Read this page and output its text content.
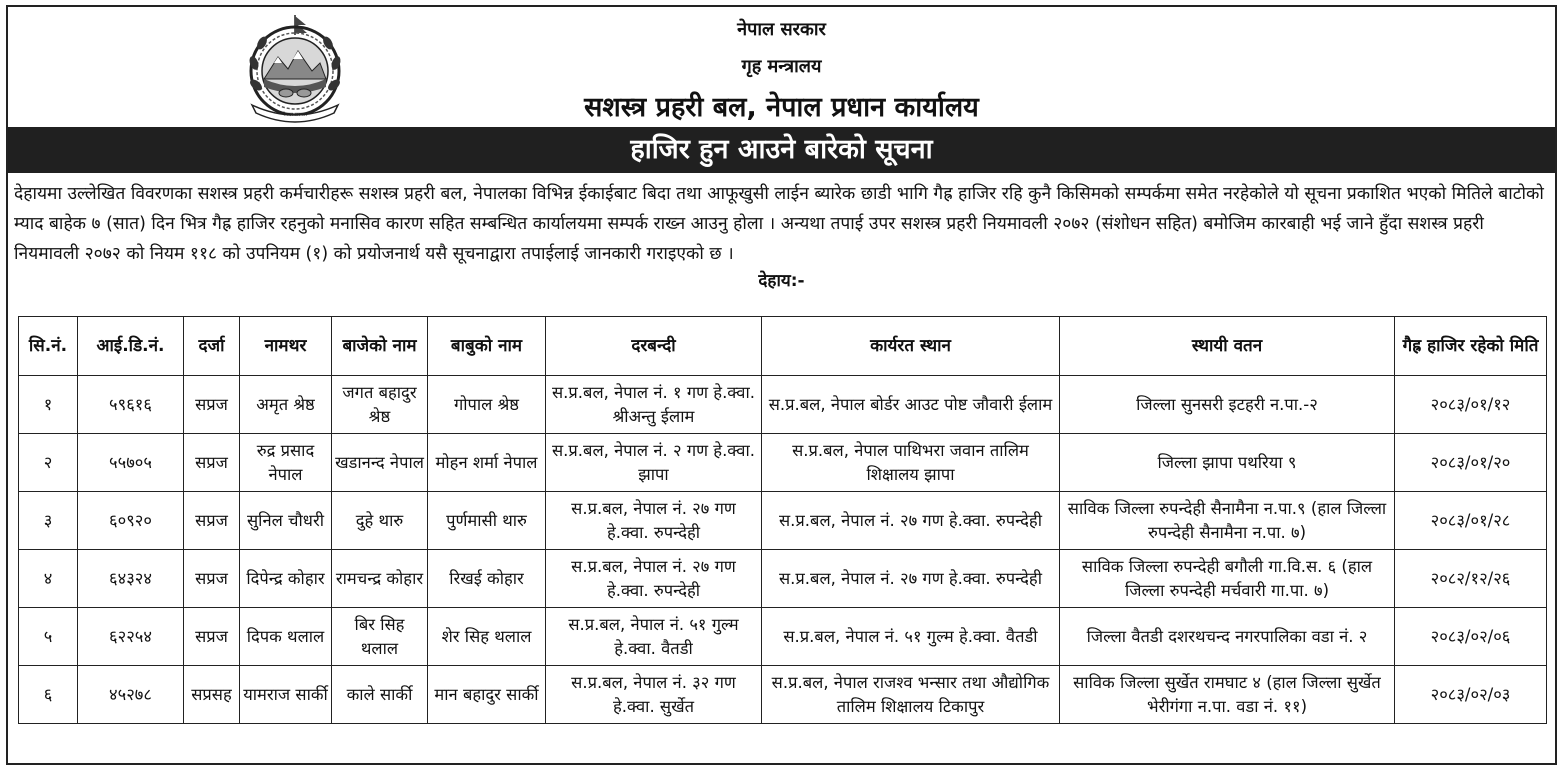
नेपाल सरकार
नेपाल सरकार
गृह मन्त्रालय
सशस्त्र प्रहरी बल, नेपाल प्रधान कार्यालय
हाजिर हुन आउने बारेको सूचना
देहायमा उल्लेखित विवरणका सशस्त्र प्रहरी कर्मचारीहरू सशस्त्र प्रहरी बल, नेपालका विभिन्न ईकाईबाट बिदा तथा आफूखुसी लाईन ब्यारेक छाडी भागि गैह्र हाजिर रहि कुनै किसिमको सम्पर्कमा समेत नरहेकोले यो सूचना प्रकाशित भएको मितिले बाटोको म्याद बाहेक ७ (सात) दिन भित्र गैह्र हाजिर रहनुको मनासिव कारण सहित सम्बन्धित कार्यालयमा सम्पर्क राख्न आउनु होला । अन्यथा तपाई उपर सशस्त्र प्रहरी नियमावली २०७२ (संशोधन सहित) बमोजिम कारबाही भई जाने हुँदा सशस्त्र प्रहरी नियमावली २०७२ को नियम ११८ को उपनियम (१) को प्रयोजनार्थ यसै सूचनाद्वारा तपाईलाई जानकारी गराइएको छ ।
देहाय:-
सि.नं.	आई.डि.नं.	दर्जा	नामथर	बाजेको नाम	बाबुको नाम	दरबन्दी	कार्यरत स्थान	स्थायी वतन	गैह्र हाजिर रहेको मिति
१	५९६१६	सप्रज	अमृत श्रेष्ठ	जगत बहादुर श्रेष्ठ	गोपाल श्रेष्ठ	स.प्र.बल, नेपाल नं. १ गण हे.क्वा. श्रीअन्तु ईलाम	स.प्र.बल, नेपाल बोर्डर आउट पोष्ट जौवारी ईलाम	जिल्ला सुनसरी इटहरी न.पा.-२	२०८३/०१/१२
२	५५७०५	सप्रज	रुद्र प्रसाद नेपाल	खडानन्द नेपाल	मोहन शर्मा नेपाल	स.प्र.बल, नेपाल नं. २ गण हे.क्वा. झापा	स.प्र.बल, नेपाल पाथिभरा जवान तालिम शिक्षालय झापा	जिल्ला झापा पथरिया ९	२०८३/०१/२०
३	६०९२०	सप्रज	सुनिल चौधरी	दुहे थारु	पुर्णमासी थारु	स.प्र.बल, नेपाल नं. २७ गण हे.क्वा. रुपन्देही	स.प्र.बल, नेपाल नं. २७ गण हे.क्वा. रुपन्देही	साविक जिल्ला रुपन्देही सैनामैना न.पा.९ (हाल जिल्ला रुपन्देही सैनामैना न.पा. ७)	२०८३/०१/२८
४	६४३२४	सप्रज	दिपेन्द्र कोहार	रामचन्द्र कोहार	रिखई कोहार	स.प्र.बल, नेपाल नं. २७ गण हे.क्वा. रुपन्देही	स.प्र.बल, नेपाल नं. २७ गण हे.क्वा. रुपन्देही	साविक जिल्ला रुपन्देही बगौली गा.वि.स. ६ (हाल जिल्ला रुपन्देही मर्चवारी गा.पा. ७)	२०८२/१२/२६
५	६२२५४	सप्रज	दिपक थलाल	बिर सिह थलाल	शेर सिह थलाल	स.प्र.बल, नेपाल नं. ५१ गुल्म हे.क्वा. वैतडी	स.प्र.बल, नेपाल नं. ५१ गुल्म हे.क्वा. वैतडी	जिल्ला वैतडी दशरथचन्द नगरपालिका वडा नं. २	२०८३/०२/०६
६	४५२७८	सप्रसह	यामराज सार्की	काले सार्की	मान बहादुर सार्की	स.प्र.बल, नेपाल नं. ३२ गण हे.क्वा. सुर्खेत	स.प्र.बल, नेपाल राजश्व भन्सार तथा औद्योगिक तालिम शिक्षालय टिकापुर	साविक जिल्ला सुर्खेत रामघाट ४ (हाल जिल्ला सुर्खेत भेरीगंगा न.पा. वडा नं. ११)	२०८३/०२/०३
